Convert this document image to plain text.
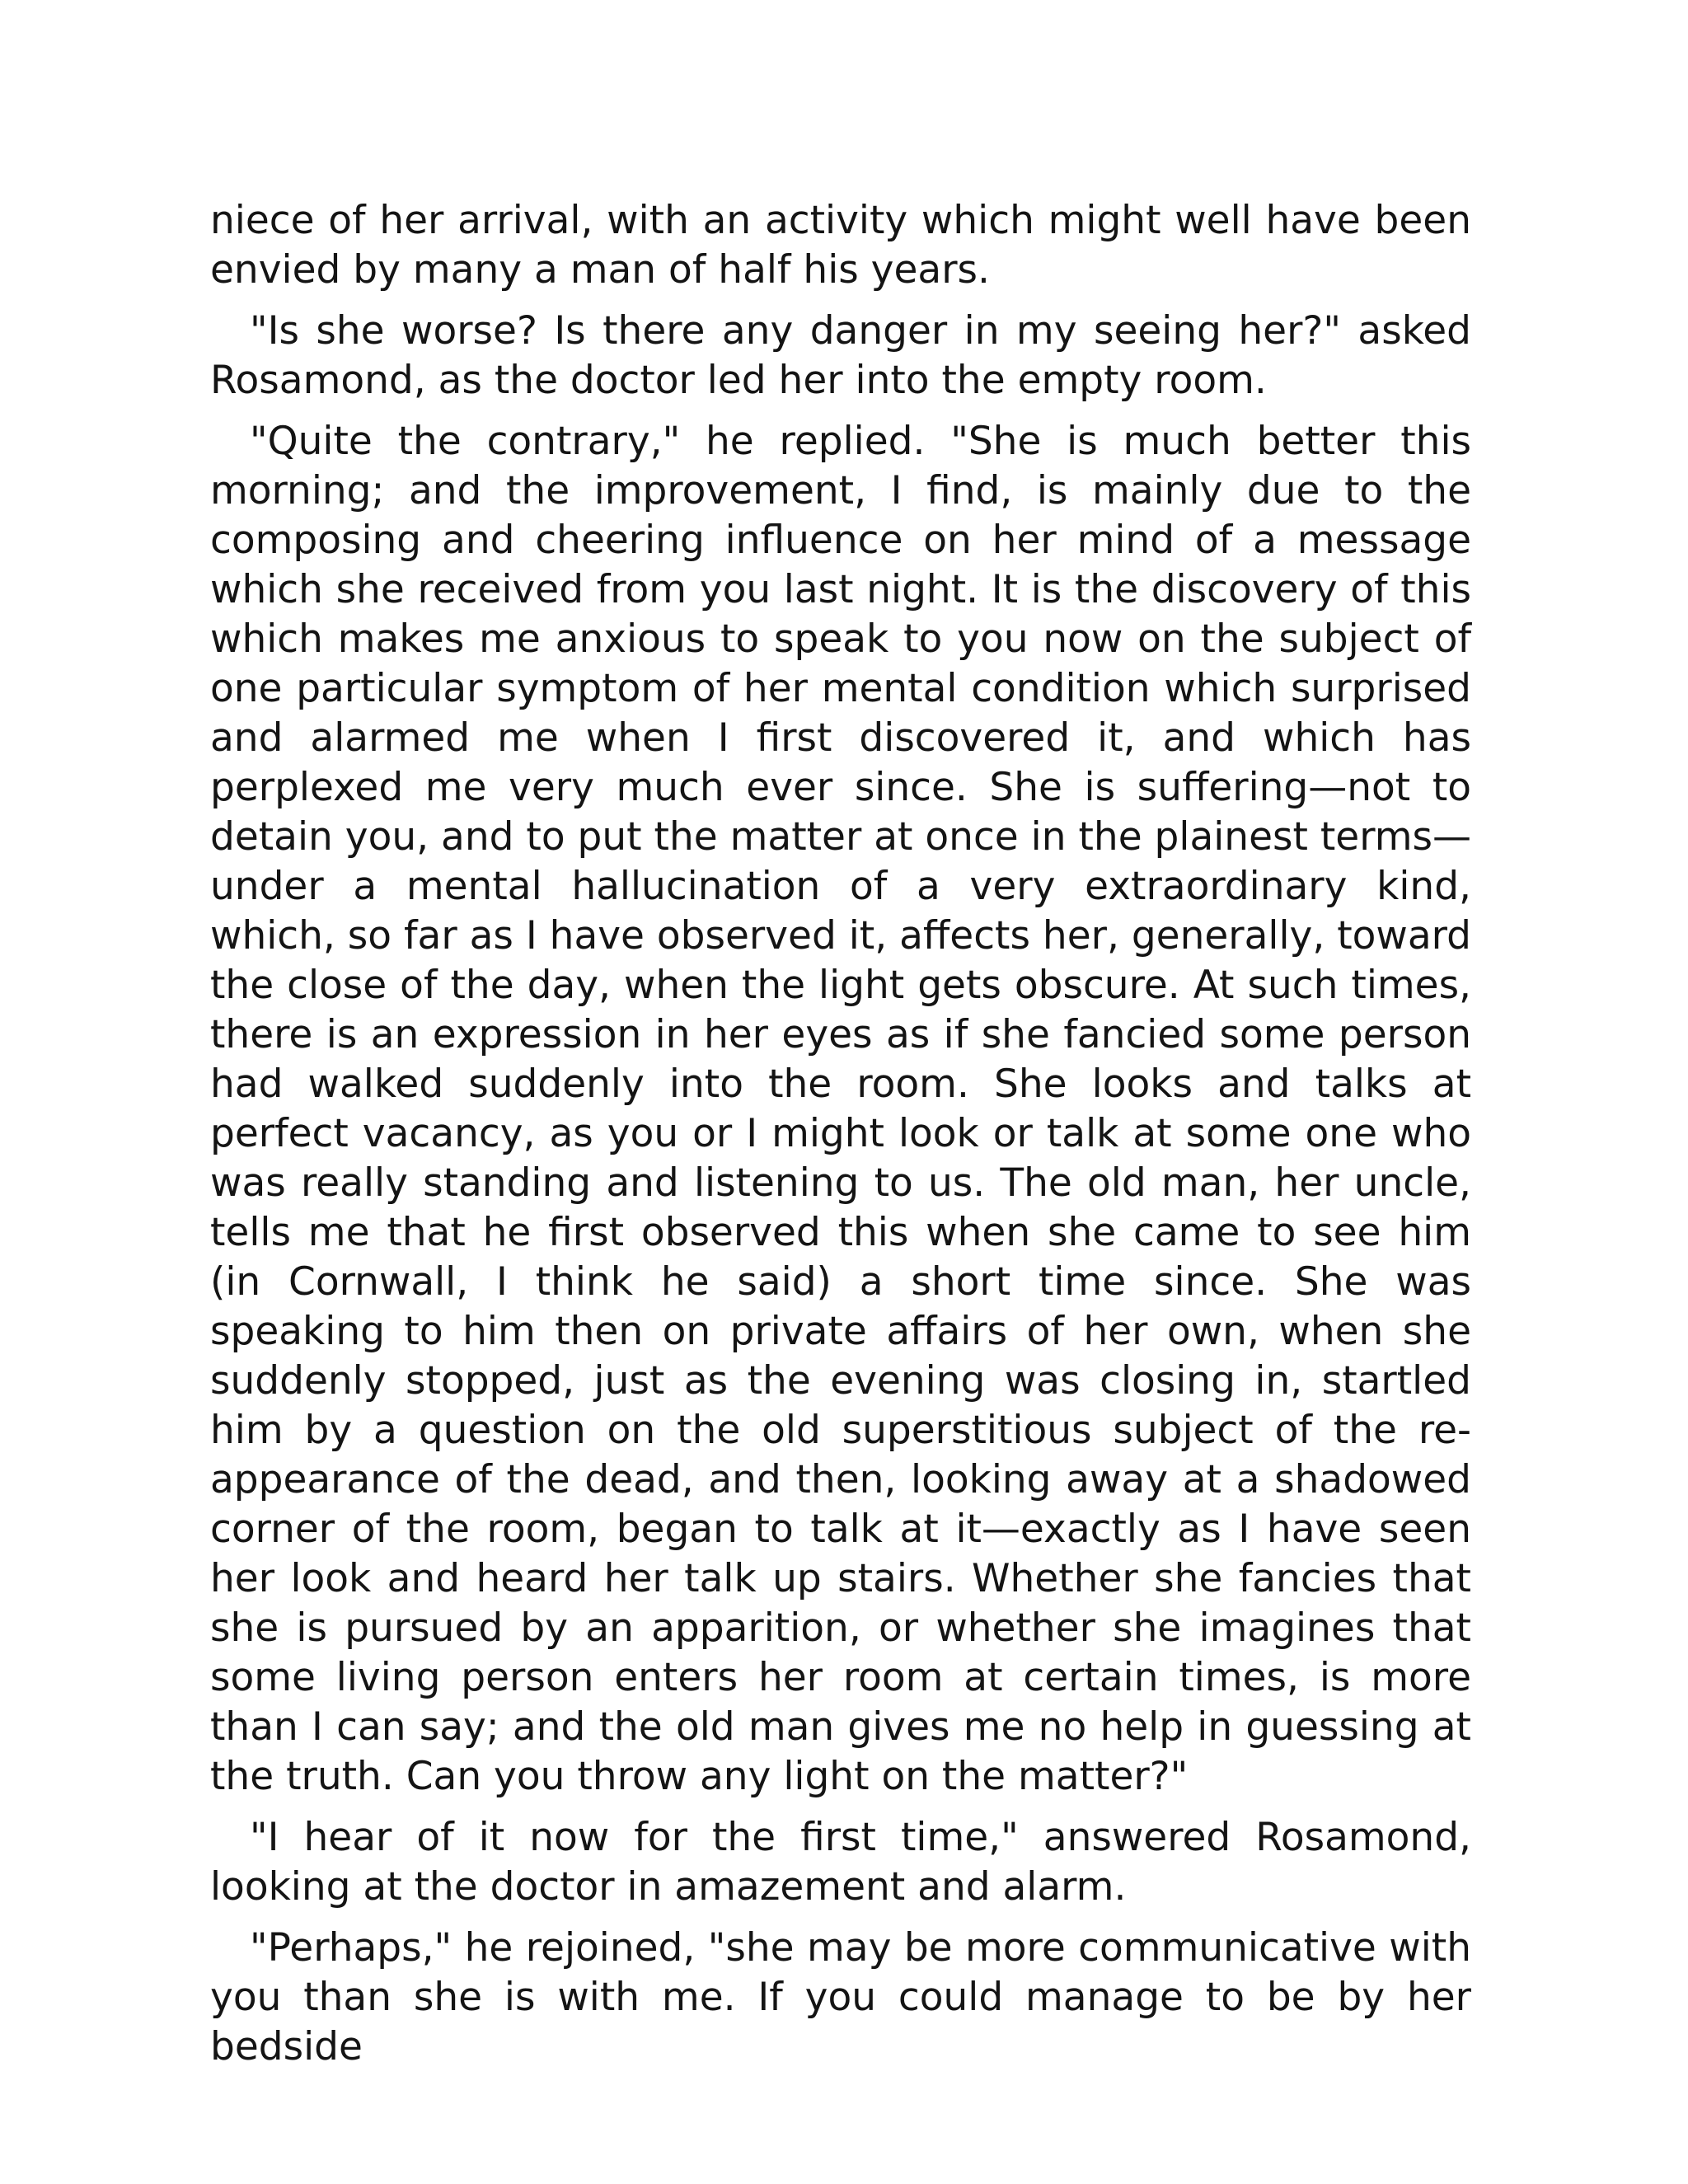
niece of her arrival, with an activity which might well have been envied by many a man of half his years.

"Is she worse? Is there any danger in my seeing her?" asked Rosamond, as the doctor led her into the empty room.

"Quite the contrary," he replied. "She is much better this morning; and the improvement, I find, is mainly due to the composing and cheering influence on her mind of a message which she received from you last night. It is the discovery of this which makes me anxious to speak to you now on the subject of one particular symptom of her mental condition which surprised and alarmed me when I first discovered it, and which has perplexed me very much ever since. She is suffering—not to detain you, and to put the matter at once in the plainest terms—under a mental hallucination of a very extraordinary kind, which, so far as I have observed it, affects her, generally, toward the close of the day, when the light gets obscure. At such times, there is an expression in her eyes as if she fancied some person had walked suddenly into the room. She looks and talks at perfect vacancy, as you or I might look or talk at some one who was really standing and listening to us. The old man, her uncle, tells me that he first observed this when she came to see him (in Cornwall, I think he said) a short time since. She was speaking to him then on private affairs of her own, when she suddenly stopped, just as the evening was closing in, startled him by a question on the old superstitious subject of the re-appearance of the dead, and then, looking away at a shadowed corner of the room, began to talk at it—exactly as I have seen her look and heard her talk up stairs. Whether she fancies that she is pursued by an apparition, or whether she imagines that some living person enters her room at certain times, is more than I can say; and the old man gives me no help in guessing at the truth. Can you throw any light on the matter?"

"I hear of it now for the first time," answered Rosamond, looking at the doctor in amazement and alarm.

"Perhaps," he rejoined, "she may be more communicative with you than she is with me. If you could manage to be by her bedside
